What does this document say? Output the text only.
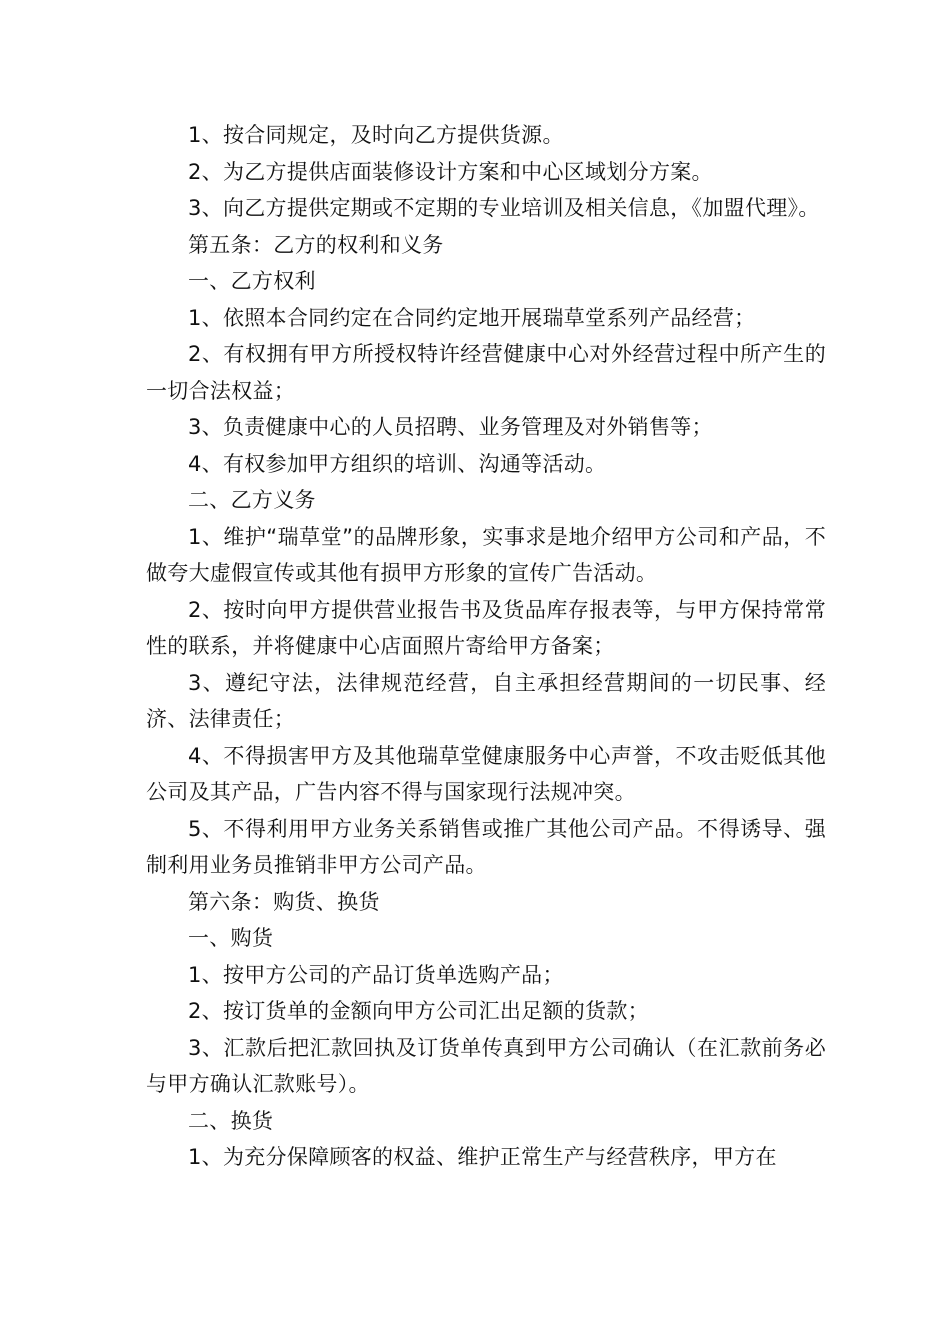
1、按合同规定，及时向乙方提供货源。

2、为乙方提供店面装修设计方案和中心区域划分方案。

3、向乙方提供定期或不定期的专业培训及相关信息，《加盟代理》。

第五条：乙方的权利和义务

一、乙方权利

1、依照本合同约定在合同约定地开展瑞草堂系列产品经营；

2、有权拥有甲方所授权特许经营健康中心对外经营过程中所产生的一切合法权益；

3、负责健康中心的人员招聘、业务管理及对外销售等；

4、有权参加甲方组织的培训、沟通等活动。

二、乙方义务

1、维护“瑞草堂”的品牌形象，实事求是地介绍甲方公司和产品，不做夸大虚假宣传或其他有损甲方形象的宣传广告活动。

2、按时向甲方提供营业报告书及货品库存报表等，与甲方保持常常性的联系，并将健康中心店面照片寄给甲方备案；

3、遵纪守法，法律规范经营，自主承担经营期间的一切民事、经济、法律责任；

4、不得损害甲方及其他瑞草堂健康服务中心声誉，不攻击贬低其他公司及其产品，广告内容不得与国家现行法规冲突。

5、不得利用甲方业务关系销售或推广其他公司产品。不得诱导、强制利用业务员推销非甲方公司产品。

第六条：购货、换货

一、购货

1、按甲方公司的产品订货单选购产品；

2、按订货单的金额向甲方公司汇出足额的货款；

3、汇款后把汇款回执及订货单传真到甲方公司确认（在汇款前务必与甲方确认汇款账号）。

二、换货

1、为充分保障顾客的权益、维护正常生产与经营秩序，甲方在
